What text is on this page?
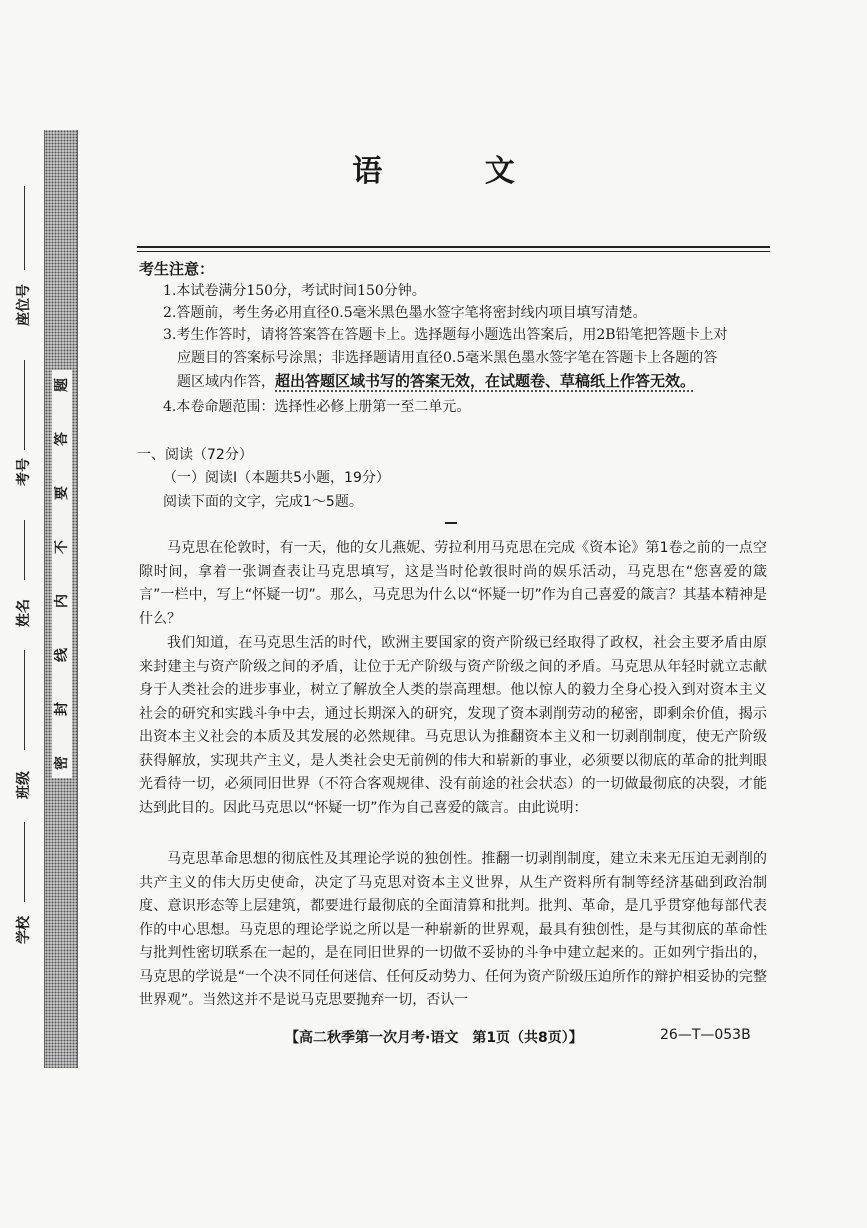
题
答
要
不
内
线
封
密
座位号
考号
姓名
班级
学校
语 文
考生注意：
1.本试卷满分150分，考试时间150分钟。
2.答题前，考生务必用直径0.5毫米黑色墨水签字笔将密封线内项目填写清楚。
3.考生作答时，请将答案答在答题卡上。选择题每小题选出答案后，用2B铅笔把答题卡上对
应题目的答案标号涂黑；非选择题请用直径0.5毫米黑色墨水签字笔在答题卡上各题的答
题区域内作答，超出答题区域书写的答案无效，在试题卷、草稿纸上作答无效。
4.本卷命题范围：选择性必修上册第一至二单元。
一、阅读（72分）
（一）阅读Ⅰ（本题共5小题，19分）
阅读下面的文字，完成1～5题。
马克思在伦敦时，有一天，他的女儿燕妮、劳拉利用马克思在完成《资本论》第1卷之前的一点空隙时间，拿着一张调查表让马克思填写，这是当时伦敦很时尚的娱乐活动，马克思在“您喜爱的箴言”一栏中，写上“怀疑一切”。那么，马克思为什么以“怀疑一切”作为自己喜爱的箴言？其基本精神是什么？
我们知道，在马克思生活的时代，欧洲主要国家的资产阶级已经取得了政权，社会主要矛盾由原来封建主与资产阶级之间的矛盾，让位于无产阶级与资产阶级之间的矛盾。马克思从年轻时就立志献身于人类社会的进步事业，树立了解放全人类的崇高理想。他以惊人的毅力全身心投入到对资本主义社会的研究和实践斗争中去，通过长期深入的研究，发现了资本剥削劳动的秘密，即剩余价值，揭示出资本主义社会的本质及其发展的必然规律。马克思认为推翻资本主义和一切剥削制度，使无产阶级获得解放，实现共产主义，是人类社会史无前例的伟大和崭新的事业，必须要以彻底的革命的批判眼光看待一切，必须同旧世界（不符合客观规律、没有前途的社会状态）的一切做最彻底的决裂，才能达到此目的。因此马克思以“怀疑一切”作为自己喜爱的箴言。由此说明：
马克思革命思想的彻底性及其理论学说的独创性。推翻一切剥削制度，建立未来无压迫无剥削的共产主义的伟大历史使命，决定了马克思对资本主义世界，从生产资料所有制等经济基础到政治制度、意识形态等上层建筑，都要进行最彻底的全面清算和批判。批判、革命，是几乎贯穿他每部代表作的中心思想。马克思的理论学说之所以是一种崭新的世界观，最具有独创性，是与其彻底的革命性与批判性密切联系在一起的，是在同旧世界的一切做不妥协的斗争中建立起来的。正如列宁指出的，马克思的学说是“一个决不同任何迷信、任何反动势力、任何为资产阶级压迫所作的辩护相妥协的完整世界观”。当然这并不是说马克思要抛弃一切，否认一
【高二秋季第一次月考·语文　第1页（共8页）】	26—T—053B
